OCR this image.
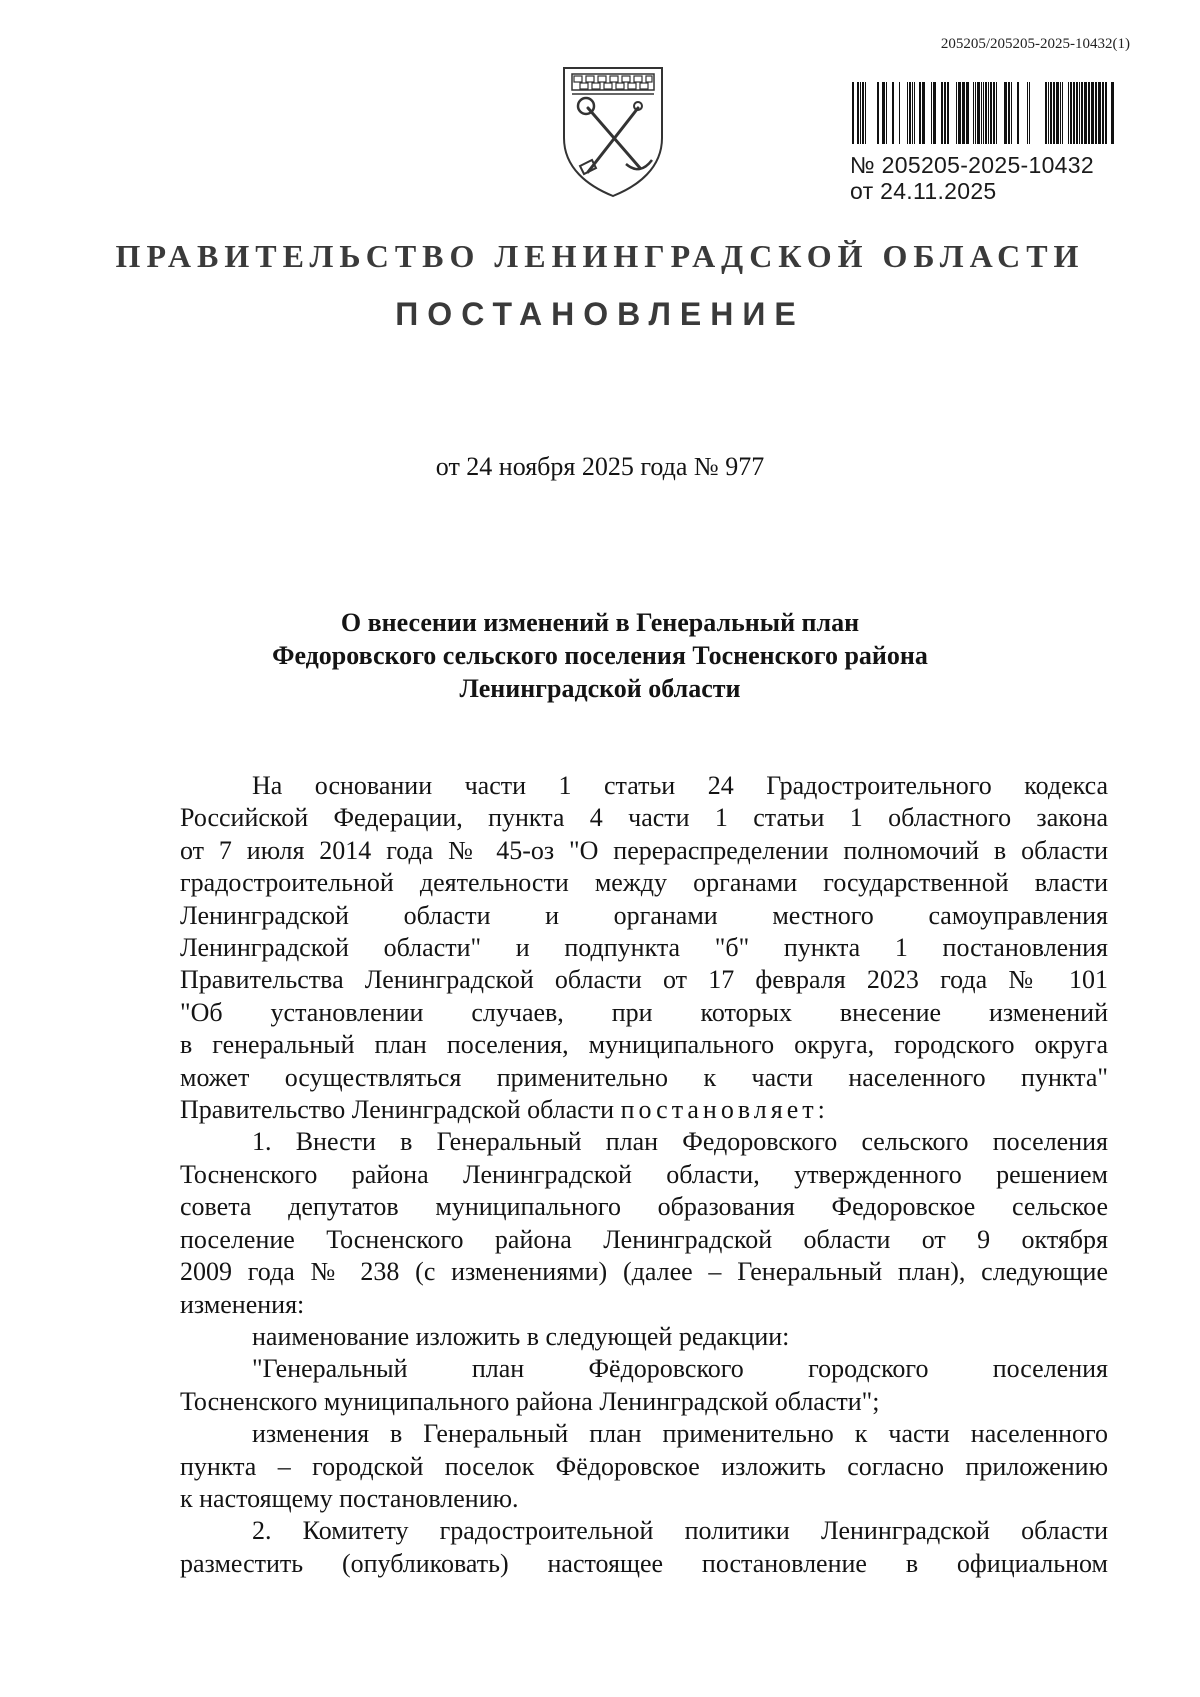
205205/205205-2025-10432(1)
№ 205205-2025-10432
от 24.11.2025
ПРАВИТЕЛЬСТВО ЛЕНИНГРАДСКОЙ ОБЛАСТИ
ПОСТАНОВЛЕНИЕ
от 24 ноября 2025 года № 977
О внесении изменений в Генеральный план
Федоровского сельского поселения Тосненского района
Ленинградской области

На основании части 1 статьи 24 Градостроительного кодекса

Российской Федерации, пункта 4 части 1 статьи 1 областного закона

от 7 июля 2014 года № 45-оз "О перераспределении полномочий в области

градостроительной деятельности между органами государственной власти

Ленинградской области и органами местного самоуправления

Ленинградской области" и подпункта "б" пункта 1 постановления

Правительства Ленинградской области от 17 февраля 2023 года № 101

"Об установлении случаев, при которых внесение изменений

в генеральный план поселения, муниципального округа, городского округа

может осуществляться применительно к части населенного пункта"

Правительство Ленинградской области постановляет:

1. Внести в Генеральный план Федоровского сельского поселения

Тосненского района Ленинградской области, утвержденного решением

совета депутатов муниципального образования Федоровское сельское

поселение Тосненского района Ленинградской области от 9 октября

2009 года № 238 (с изменениями) (далее – Генеральный план), следующие

изменения:

наименование изложить в следующей редакции:

"Генеральный план Фёдоровского городского поселения

Тосненского муниципального района Ленинградской области";

изменения в Генеральный план применительно к части населенного

пункта – городской поселок Фёдоровское изложить согласно приложению

к настоящему постановлению.

2. Комитету градостроительной политики Ленинградской области

разместить (опубликовать) настоящее постановление в официальном
